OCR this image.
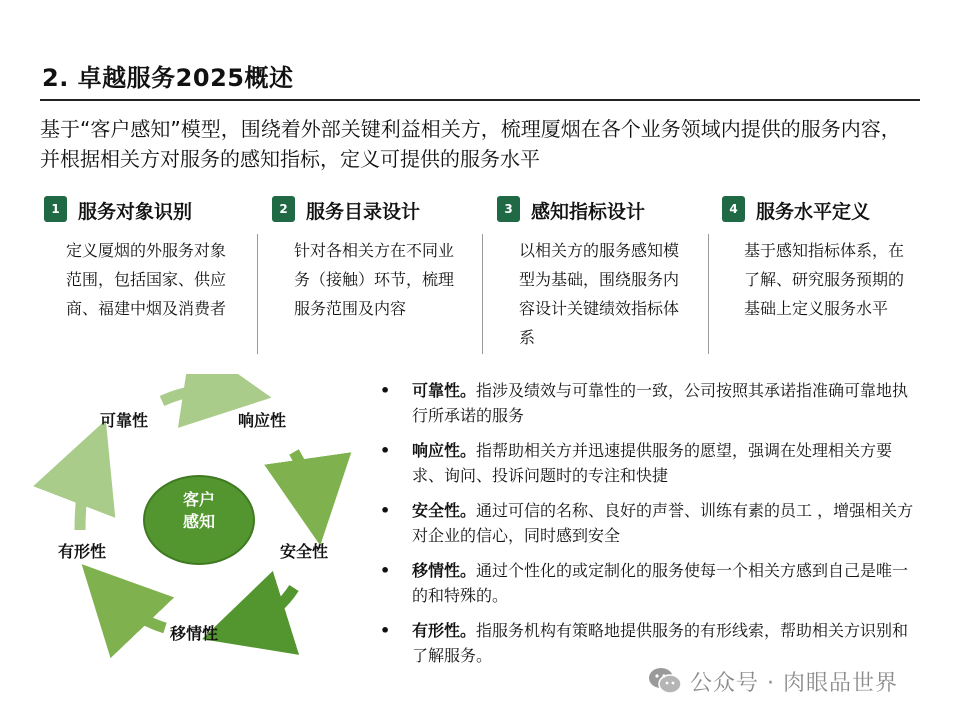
2. 卓越服务2025概述
基于“客户感知”模型，围绕着外部关键利益相关方，梳理厦烟在各个业务领域内提供的服务内容，并根据相关方对服务的感知指标，定义可提供的服务水平
1 服务对象识别
定义厦烟的外服务对象范围，包括国家、供应商、福建中烟及消费者
2 服务目录设计
针对各相关方在不同业务（接触）环节，梳理服务范围及内容
3 感知指标设计
以相关方的服务感知模型为基础，围绕服务内容设计关键绩效指标体系
4 服务水平定义
基于感知指标体系，在了解、研究服务预期的基础上定义服务水平
客户
感知
可靠性	响应性
安全性
移情性
有形性
• 可靠性。指涉及绩效与可靠性的一致，公司按照其承诺指准确可靠地执行所承诺的服务
• 响应性。指帮助相关方并迅速提供服务的愿望，强调在处理相关方要求、询问、投诉问题时的专注和快捷
• 安全性。通过可信的名称、良好的声誉、训练有素的员工 ，增强相关方对企业的信心，同时感到安全
• 移情性。通过个性化的或定制化的服务使每一个相关方感到自己是唯一的和特殊的。
• 有形性。指服务机构有策略地提供服务的有形线索，帮助相关方识别和了解服务。
公众号 · 肉眼品世界
